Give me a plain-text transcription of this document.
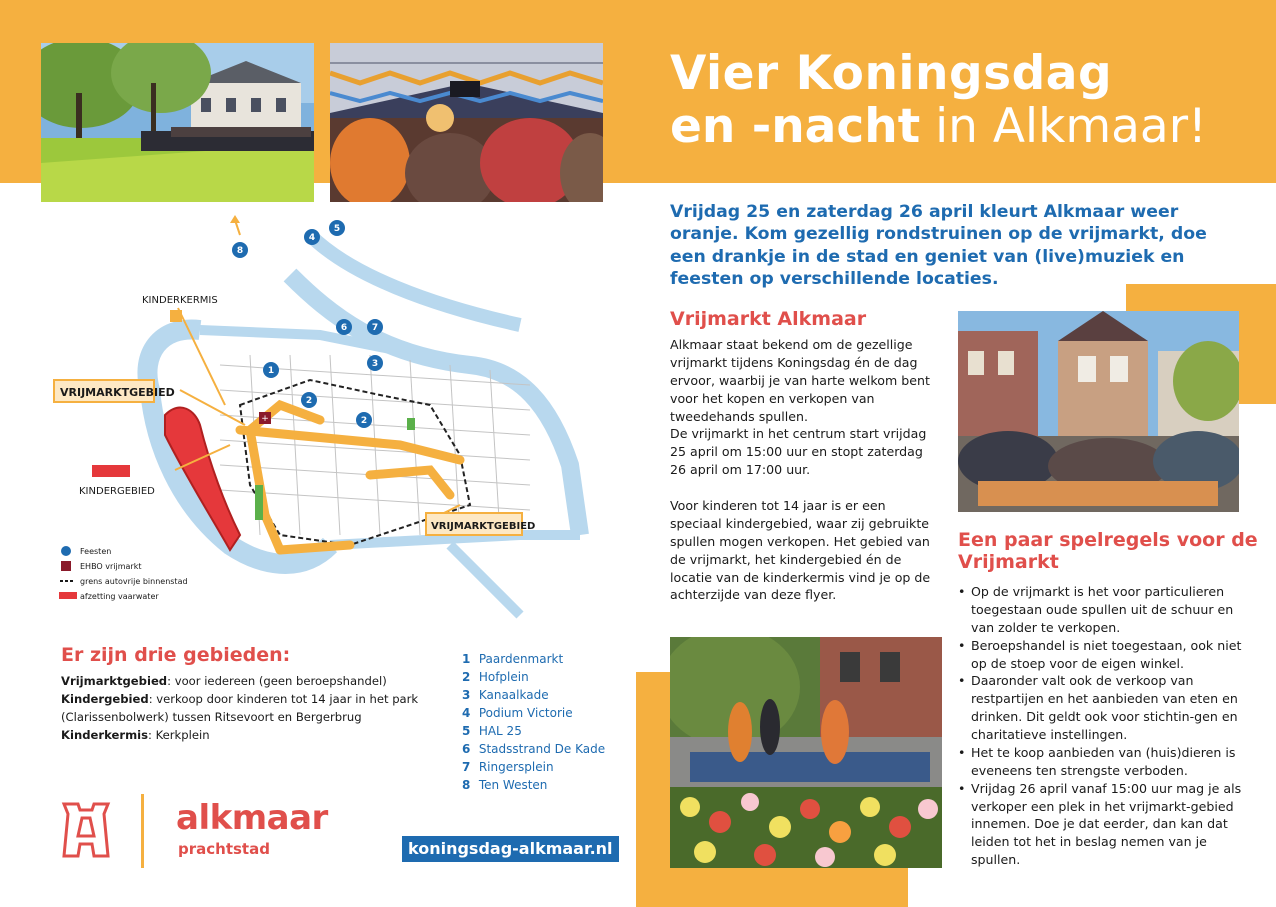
Vier Koningsdag
en -nacht in Alkmaar!
Vrijdag 25 en zaterdag 26 april kleurt Alkmaar weer oranje. Kom gezellig rondstruinen op de vrijmarkt, doe een drankje in de stad en geniet van (live)muziek en feesten op verschillende locaties.
Vrijmarkt Alkmaar

Alkmaar staat bekend om de gezellige vrijmarkt tijdens Koningsdag én de dag ervoor, waarbij je van harte welkom bent voor het kopen en verkopen van tweedehands spullen.

De vrijmarkt in het centrum start vrijdag 25 april om 15:00 uur en stopt zaterdag 26 april om 17:00 uur.

Voor kinderen tot 14 jaar is er een speciaal kindergebied, waar zij gebruikte spullen mogen verkopen. Het gebied van de vrijmarkt, het kindergebied én de locatie van de kinderkermis vind je op de achterzijde van deze flyer.

Een paar spelregels voor de Vrijmarkt
• Op de vrijmarkt is het voor particulieren toegestaan oude spullen uit de schuur en van zolder te verkopen.
• Beroepshandel is niet toegestaan, ook niet op de stoep voor de eigen winkel.
• Daaronder valt ook de verkoop van restpartijen en het aanbieden van eten en drinken. Dit geldt ook voor stichtin-gen en charitatieve instellingen.
• Het te koop aanbieden van (huis)dieren is eveneens ten strengste verboden.
• Vrijdag 26 april vanaf 15:00 uur mag je als verkoper een plek in het vrijmarkt-gebied innemen. Doe je dat eerder, dan kan dat leiden tot het in beslag nemen van je spullen.
KINDERKERMIS
VRIJMARKTGEBIED
KINDERGEBIED
VRIJMARKTGEBIED
1
2
2
3
4
5
6	7
8
+
Feesten
EHBO vrijmarkt
grens autovrije binnenstad
afzetting vaarwater
Er zijn drie gebieden:
Vrijmarktgebied: voor iedereen (geen beroepshandel)
Kindergebied: verkoop door kinderen tot 14 jaar in het park (Clarissenbolwerk) tussen Ritsevoort en Bergerbrug
Kinderkermis: Kerkplein
1 Paardenmarkt
2 Hofplein
3 Kanaalkade
4 Podium Victorie
5 HAL 25
6 Stadsstrand De Kade
7 Ringersplein
8 Ten Westen
alkmaar
prachtstad	koningsdag-alkmaar.nl
